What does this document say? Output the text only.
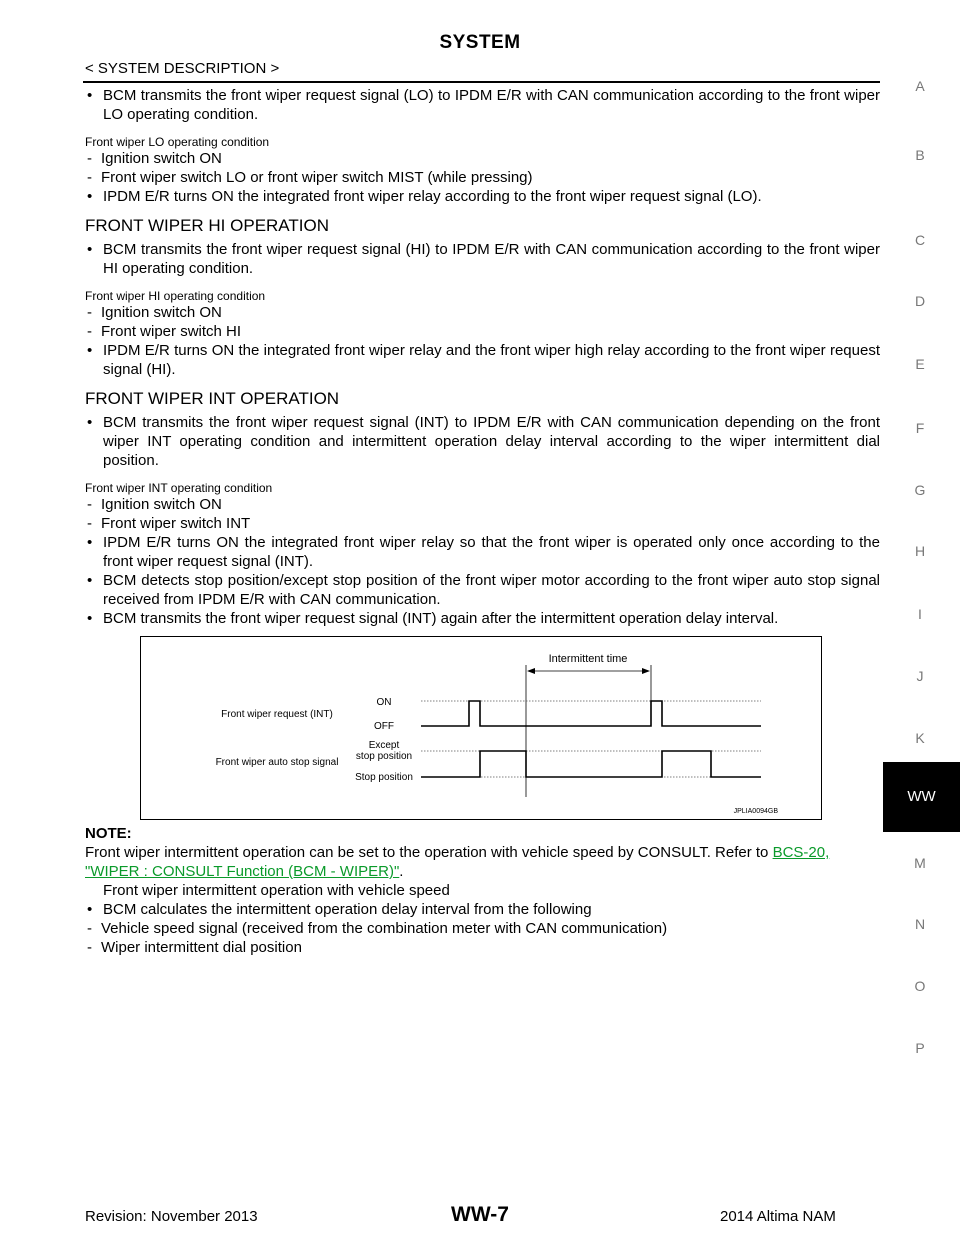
SYSTEM
< SYSTEM DESCRIPTION >

• BCM transmits the front wiper request signal (LO) to IPDM E/R with CAN communication according to the front wiper LO operating condition.

Front wiper LO operating condition

- Ignition switch ON

- Front wiper switch LO or front wiper switch MIST (while pressing)

• IPDM E/R turns ON the integrated front wiper relay according to the front wiper request signal (LO).

FRONT WIPER HI OPERATION

• BCM transmits the front wiper request signal (HI) to IPDM E/R with CAN communication according to the front wiper HI operating condition.

Front wiper HI operating condition

- Ignition switch ON

- Front wiper switch HI

• IPDM E/R turns ON the integrated front wiper relay and the front wiper high relay according to the front wiper request signal (HI).

FRONT WIPER INT OPERATION

• BCM transmits the front wiper request signal (INT) to IPDM E/R with CAN communication depending on the front wiper INT operating condition and intermittent operation delay interval according to the wiper intermittent dial position.

Front wiper INT operating condition

- Ignition switch ON

- Front wiper switch INT

• IPDM E/R turns ON the integrated front wiper relay so that the front wiper is operated only once according to the front wiper request signal (INT).

• BCM detects stop position/except stop position of the front wiper motor according to the front wiper auto stop signal received from IPDM E/R with CAN communication.

• BCM transmits the front wiper request signal (INT) again after the intermittent operation delay interval.

Intermittent time
Front wiper request (INT)
ON
OFF
Front wiper auto stop signal
Except
stop position
Stop position
JPLIA0094GB

NOTE:

Front wiper intermittent operation can be set to the operation with vehicle speed by CONSULT. Refer to BCS-20, "WIPER : CONSULT Function (BCM - WIPER)".

Front wiper intermittent operation with vehicle speed

• BCM calculates the intermittent operation delay interval from the following

- Vehicle speed signal (received from the combination meter with CAN communication)

- Wiper intermittent dial position

A
B
C
D
E
F
G
H
I
J
K
WW
M
N
O
P
Revision: November 2013	WW-7	2014 Altima NAM
